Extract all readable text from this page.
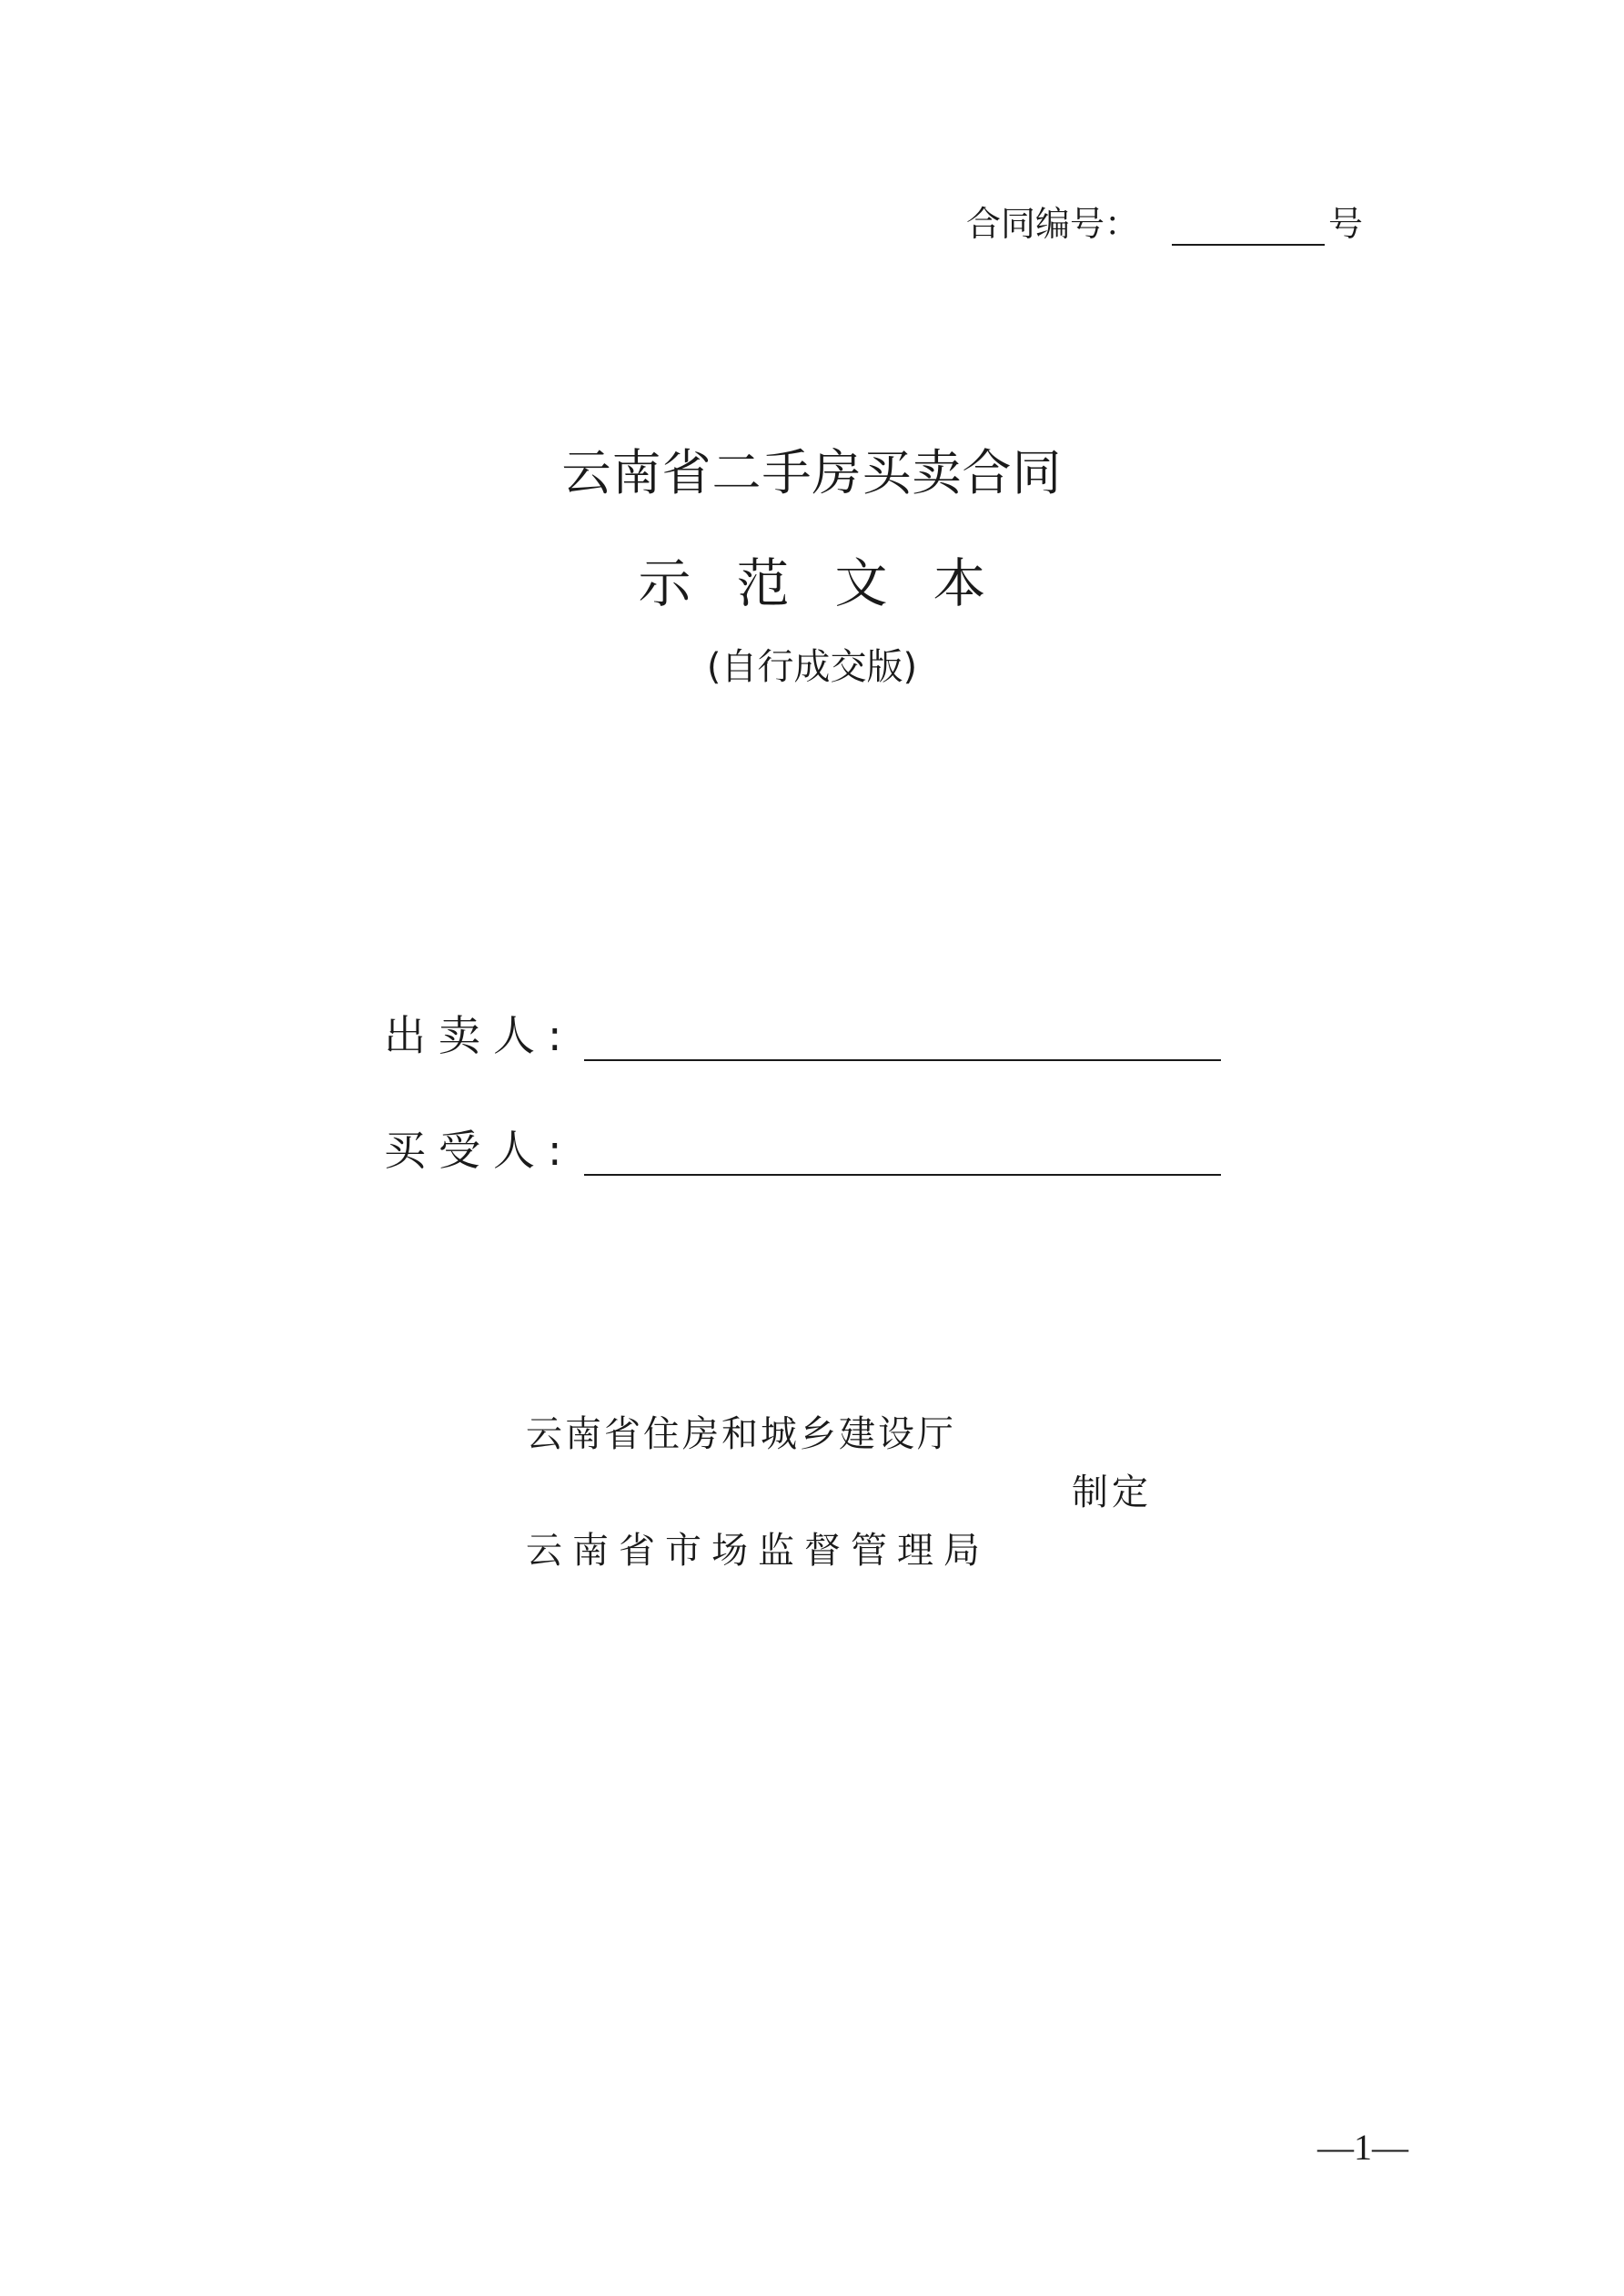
合同编号：	号
云南省二手房买卖合同
示范文本
(自行成交版)
出卖人:
买受人:
云南省住房和城乡建设厅
制定
云南省市场监督管理局
—1—
